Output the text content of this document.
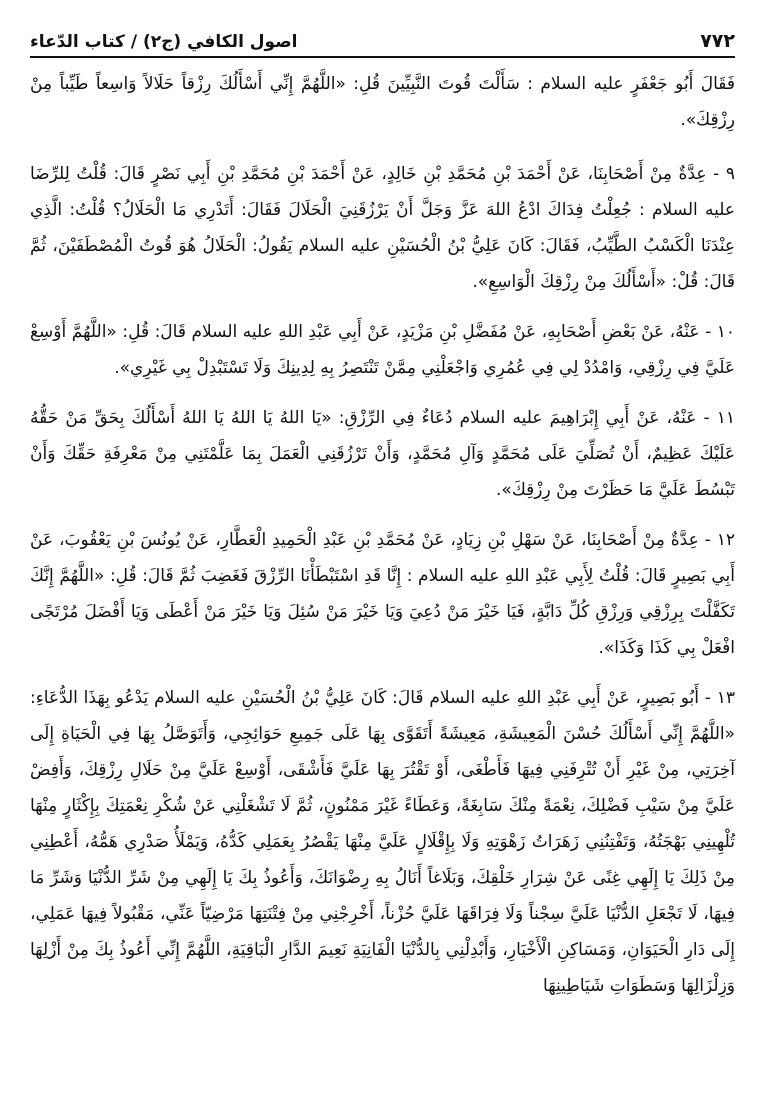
٧٧٢
اصول الكافي (ج٢) / كتاب الدّعاء

فَقَالَ أَبُو جَعْفَرٍ عليه السلام : سَأَلْتَ قُوتَ النَّبِيِّينَ قُلِ: «اللَّهُمَّ إِنِّي أَسْأَلُكَ رِزْقاً حَلَالاً وَاسِعاً طَيِّباً مِنْ رِزْقِكَ».

٩ - عِدَّةٌ مِنْ أَصْحَابِنَا، عَنْ أَحْمَدَ بْنِ مُحَمَّدِ بْنِ خَالِدٍ، عَنْ أَحْمَدَ بْنِ مُحَمَّدِ بْنِ أَبِي نَصْرٍ قَالَ: قُلْتُ لِلرِّضَا عليه السلام : جُعِلْتُ فِدَاكَ ادْعُ اللهَ عَزَّ وَجَلَّ أَنْ يَرْزُقَنِيَ الْحَلَالَ فَقَالَ: أَتَدْرِي مَا الْحَلَالُ؟ قُلْتُ: الَّذِي عِنْدَنَا الْكَسْبُ الطَّيِّبُ، فَقَالَ: كَانَ عَلِيُّ بْنُ الْحُسَيْنِ عليه السلام يَقُولُ: الْحَلَالُ هُوَ قُوتُ الْمُصْطَفَيْنَ، ثُمَّ قَالَ: قُلْ: «أَسْأَلُكَ مِنْ رِزْقِكَ الْوَاسِعِ».

١٠ - عَنْهُ، عَنْ بَعْضِ أَصْحَابِهِ، عَنْ مُفَضَّلِ بْنِ مَزْيَدٍ، عَنْ أَبِي عَبْدِ اللهِ عليه السلام قَالَ: قُلِ: «اللَّهُمَّ أَوْسِعْ عَلَيَّ فِي رِزْقِي، وَامْدُدْ لِي فِي عُمُرِي وَاجْعَلْنِي مِمَّنْ تَنْتَصِرُ بِهِ لِدِينِكَ وَلَا تَسْتَبْدِلْ بِي غَيْرِي».

١١ - عَنْهُ، عَنْ أَبِي إِبْرَاهِيمَ عليه السلام دُعَاءٌ فِي الرِّزْقِ: «يَا اللهُ يَا اللهُ يَا اللهُ أَسْأَلُكَ بِحَقِّ مَنْ حَقُّهُ عَلَيْكَ عَظِيمٌ، أَنْ تُصَلِّيَ عَلَى مُحَمَّدٍ وَآلِ مُحَمَّدٍ، وَأَنْ تَرْزُقَنِي الْعَمَلَ بِمَا عَلَّمْتَنِي مِنْ مَعْرِفَةِ حَقِّكَ وَأَنْ تَبْسُطَ عَلَيَّ مَا حَظَرْتَ مِنْ رِزْقِكَ».

١٢ - عِدَّةٌ مِنْ أَصْحَابِنَا، عَنْ سَهْلِ بْنِ زِيَادٍ، عَنْ مُحَمَّدِ بْنِ عَبْدِ الْحَمِيدِ الْعَطَّارِ، عَنْ يُونُسَ بْنِ يَعْقُوبَ، عَنْ أَبِي بَصِيرٍ قَالَ: قُلْتُ لِأَبِي عَبْدِ اللهِ عليه السلام : إِنَّا قَدِ اسْتَبْطَأْنَا الرِّزْقَ فَغَضِبَ ثُمَّ قَالَ: قُلِ: «اللَّهُمَّ إِنَّكَ تَكَفَّلْتَ بِرِزْقِي وَرِزْقِ كُلِّ دَابَّةٍ، فَيَا خَيْرَ مَنْ دُعِيَ وَيَا خَيْرَ مَنْ سُئِلَ وَيَا خَيْرَ مَنْ أَعْطَى وَيَا أَفْضَلَ مُرْتَجًى افْعَلْ بِي كَذَا وَكَذَا».

١٣ - أَبُو بَصِيرٍ، عَنْ أَبِي عَبْدِ اللهِ عليه السلام قَالَ: كَانَ عَلِيُّ بْنُ الْحُسَيْنِ عليه السلام يَدْعُو بِهَذَا الدُّعَاءِ: «اللَّهُمَّ إِنِّي أَسْأَلُكَ حُسْنَ الْمَعِيشَةِ، مَعِيشَةً أَتَقَوَّى بِهَا عَلَى جَمِيعِ حَوَائِجِي، وَأَتَوَصَّلُ بِهَا فِي الْحَيَاةِ إِلَى آخِرَتِي، مِنْ غَيْرِ أَنْ تُتْرِفَنِي فِيهَا فَأَطْغَى، أَوْ تَقْتُرَ بِهَا عَلَيَّ فَأَشْقَى، أَوْسِعْ عَلَيَّ مِنْ حَلَالِ رِزْقِكَ، وَأَفِضْ عَلَيَّ مِنْ سَيْبِ فَضْلِكَ، نِعْمَةً مِنْكَ سَابِغَةً، وَعَطَاءً غَيْرَ مَمْنُونٍ، ثُمَّ لَا تَشْغَلْنِي عَنْ شُكْرِ نِعْمَتِكَ بِإِكْثَارٍ مِنْهَا تُلْهِينِي بَهْجَتُهُ، وَتَفْتِنُنِي زَهَرَاتُ زَهْوَتِهِ وَلَا بِإِقْلَالٍ عَلَيَّ مِنْهَا يَقْصُرُ بِعَمَلِي كَدُّهُ، وَيَمْلَأُ صَدْرِي هَمُّهُ، أَعْطِنِي مِنْ ذَلِكَ يَا إِلَهِي غِنًى عَنْ شِرَارِ خَلْقِكَ، وَبَلَاغاً أَنَالُ بِهِ رِضْوَانَكَ، وَأَعُوذُ بِكَ يَا إِلَهِي مِنْ شَرِّ الدُّنْيَا وَشَرِّ مَا فِيهَا، لَا تَجْعَلِ الدُّنْيَا عَلَيَّ سِجْناً وَلَا فِرَاقَهَا عَلَيَّ حُزْناً، أَخْرِجْنِي مِنْ فِتْنَتِهَا مَرْضِيّاً عَنِّي، مَقْبُولاً فِيهَا عَمَلِي، إِلَى دَارِ الْحَيَوَانِ، وَمَسَاكِنِ الْأَخْيَارِ، وَأَبْدِلْنِي بِالدُّنْيَا الْفَانِيَةِ نَعِيمَ الدَّارِ الْبَاقِيَةِ، اللَّهُمَّ إِنِّي أَعُوذُ بِكَ مِنْ أَزْلِهَا وَزِلْزَالِهَا وَسَطَوَاتِ شَيَاطِينِهَا
